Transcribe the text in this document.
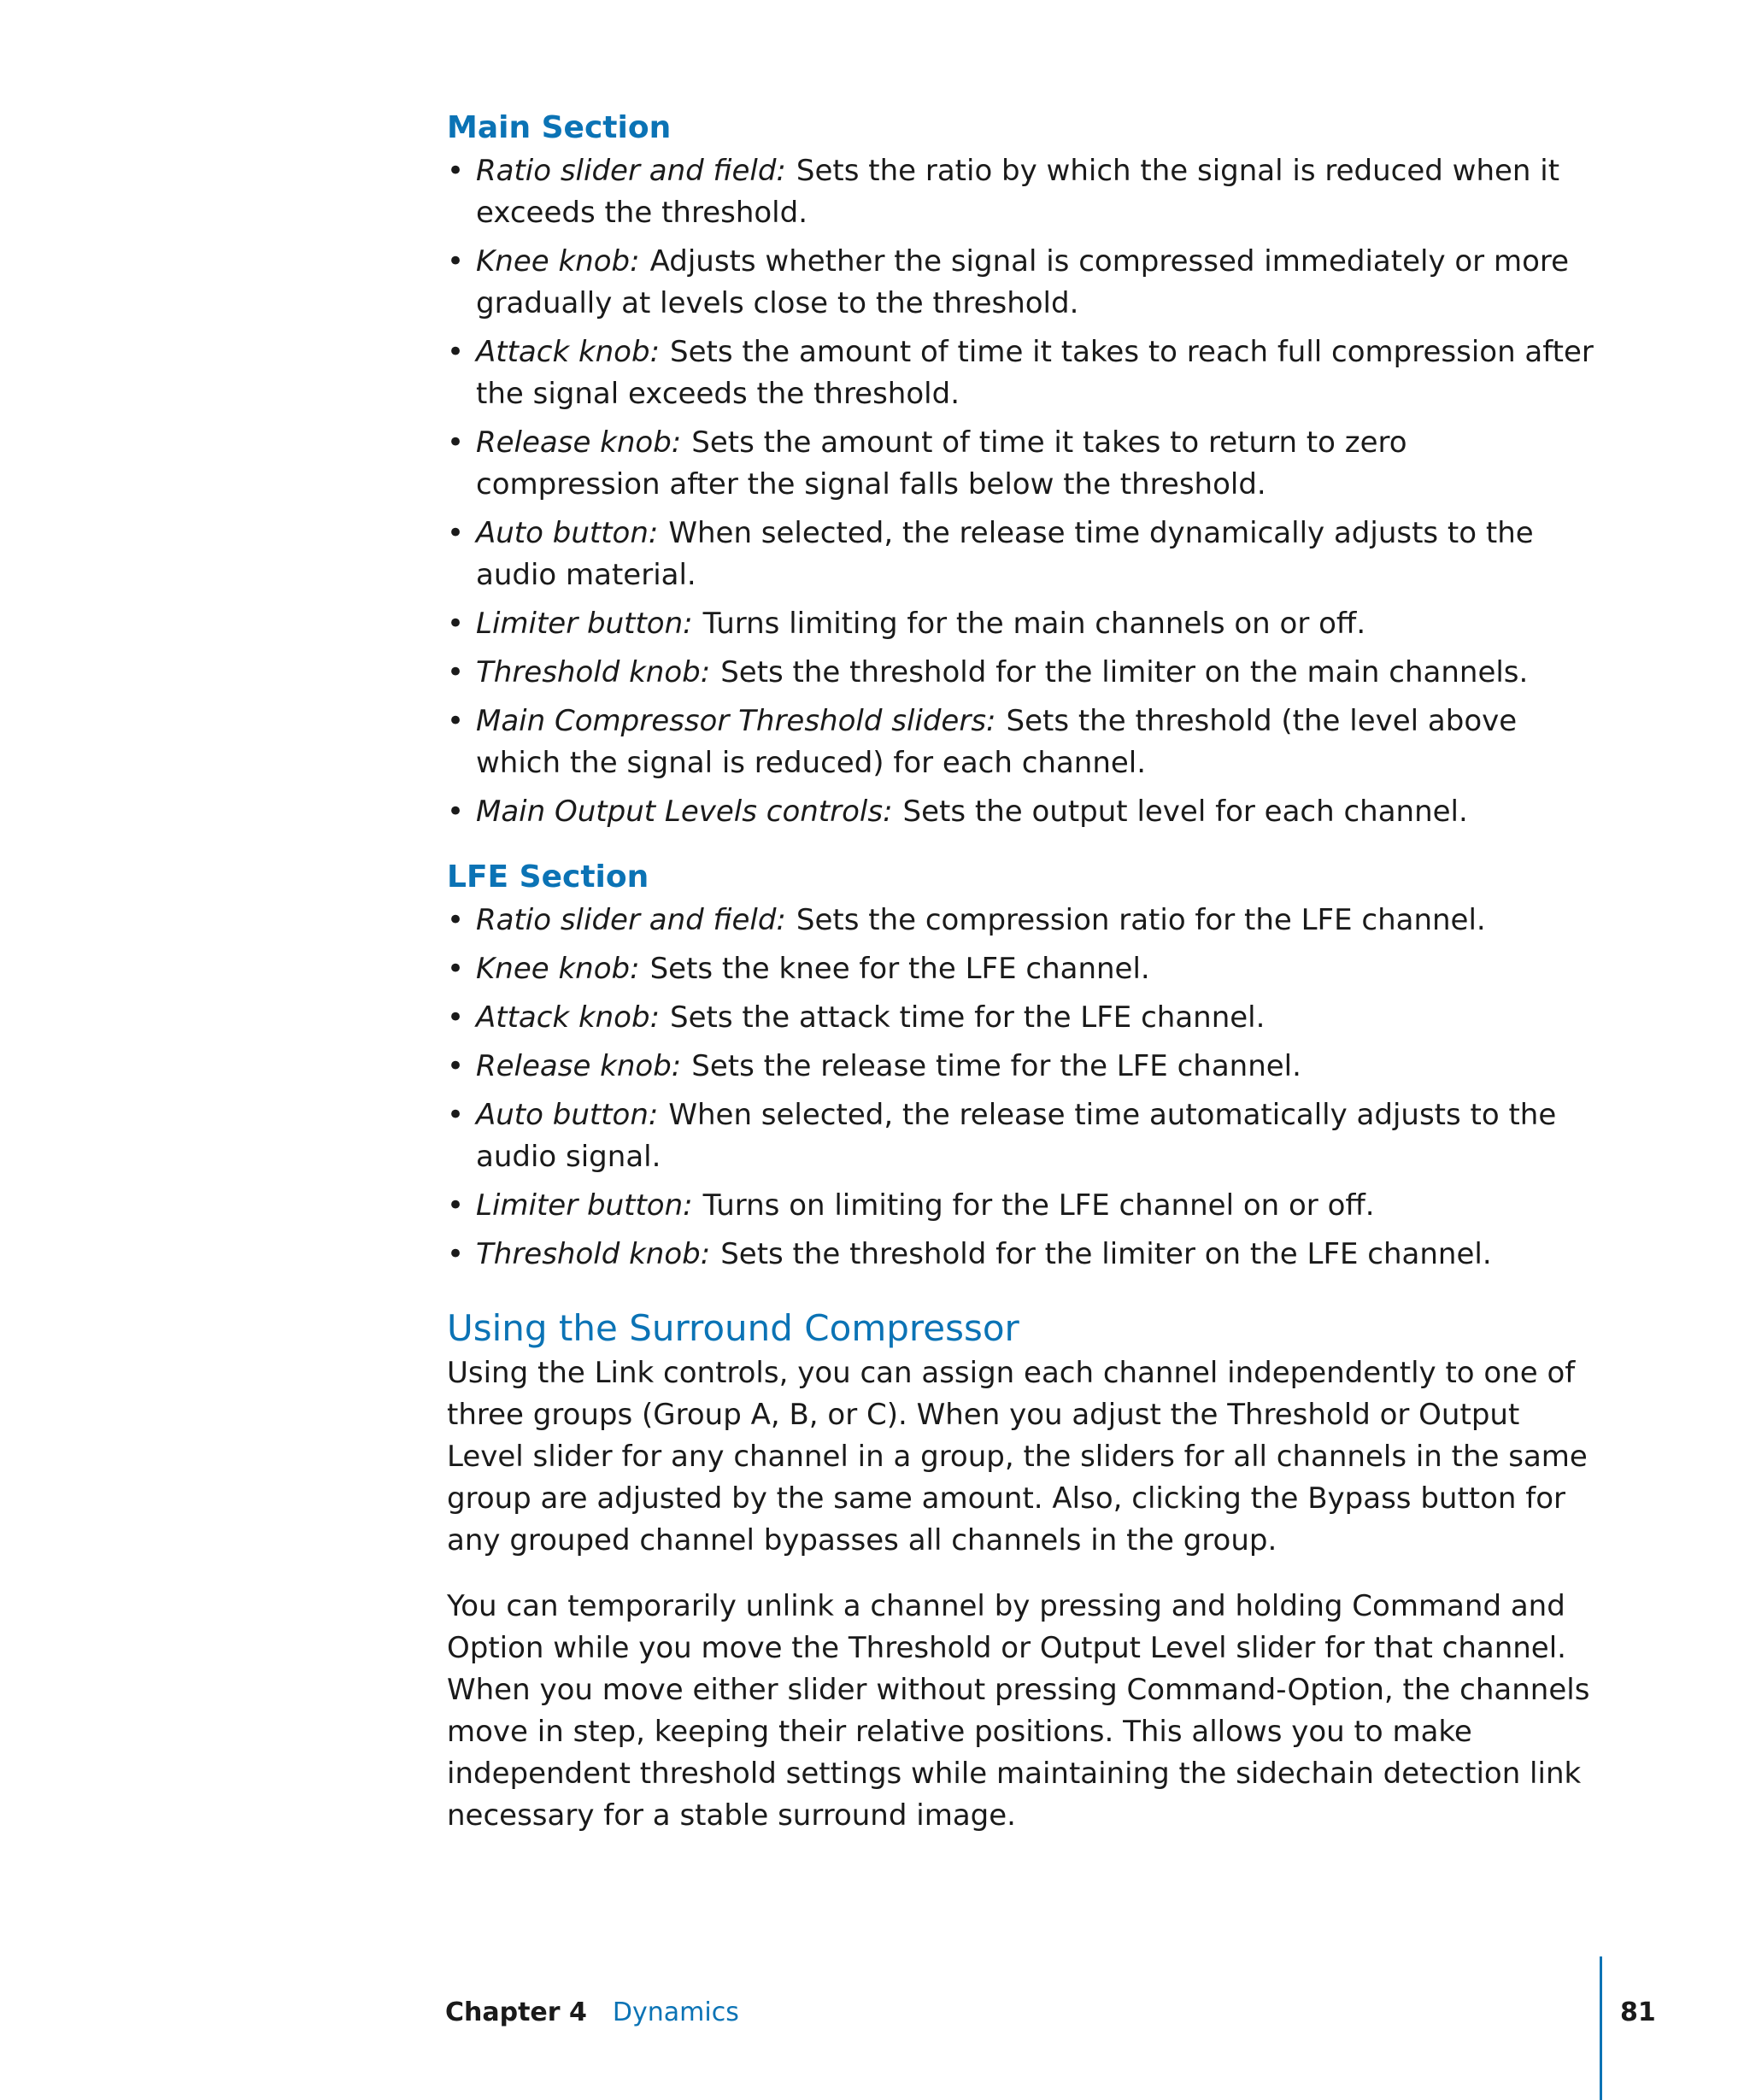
Main Section
• Ratio slider and field: Sets the ratio by which the signal is reduced when it exceeds the threshold.
• Knee knob: Adjusts whether the signal is compressed immediately or more gradually at levels close to the threshold.
• Attack knob: Sets the amount of time it takes to reach full compression after the signal exceeds the threshold.
• Release knob: Sets the amount of time it takes to return to zero compression after the signal falls below the threshold.
• Auto button: When selected, the release time dynamically adjusts to the audio material.
• Limiter button: Turns limiting for the main channels on or off.
• Threshold knob: Sets the threshold for the limiter on the main channels.
• Main Compressor Threshold sliders: Sets the threshold (the level above which the signal is reduced) for each channel.
• Main Output Levels controls: Sets the output level for each channel.
LFE Section
• Ratio slider and field: Sets the compression ratio for the LFE channel.
• Knee knob: Sets the knee for the LFE channel.
• Attack knob: Sets the attack time for the LFE channel.
• Release knob: Sets the release time for the LFE channel.
• Auto button: When selected, the release time automatically adjusts to the audio signal.
• Limiter button: Turns on limiting for the LFE channel on or off.
• Threshold knob: Sets the threshold for the limiter on the LFE channel.
Using the Surround Compressor

Using the Link controls, you can assign each channel independently to one of three groups (Group A, B, or C). When you adjust the Threshold or Output Level slider for any channel in a group, the sliders for all channels in the same group are adjusted by the same amount. Also, clicking the Bypass button for any grouped channel bypasses all channels in the group.

You can temporarily unlink a channel by pressing and holding Command and Option while you move the Threshold or Output Level slider for that channel. When you move either slider without pressing Command-Option, the channels move in step, keeping their relative positions. This allows you to make independent threshold settings while maintaining the sidechain detection link necessary for a stable surround image.

Chapter 4 Dynamics	81
